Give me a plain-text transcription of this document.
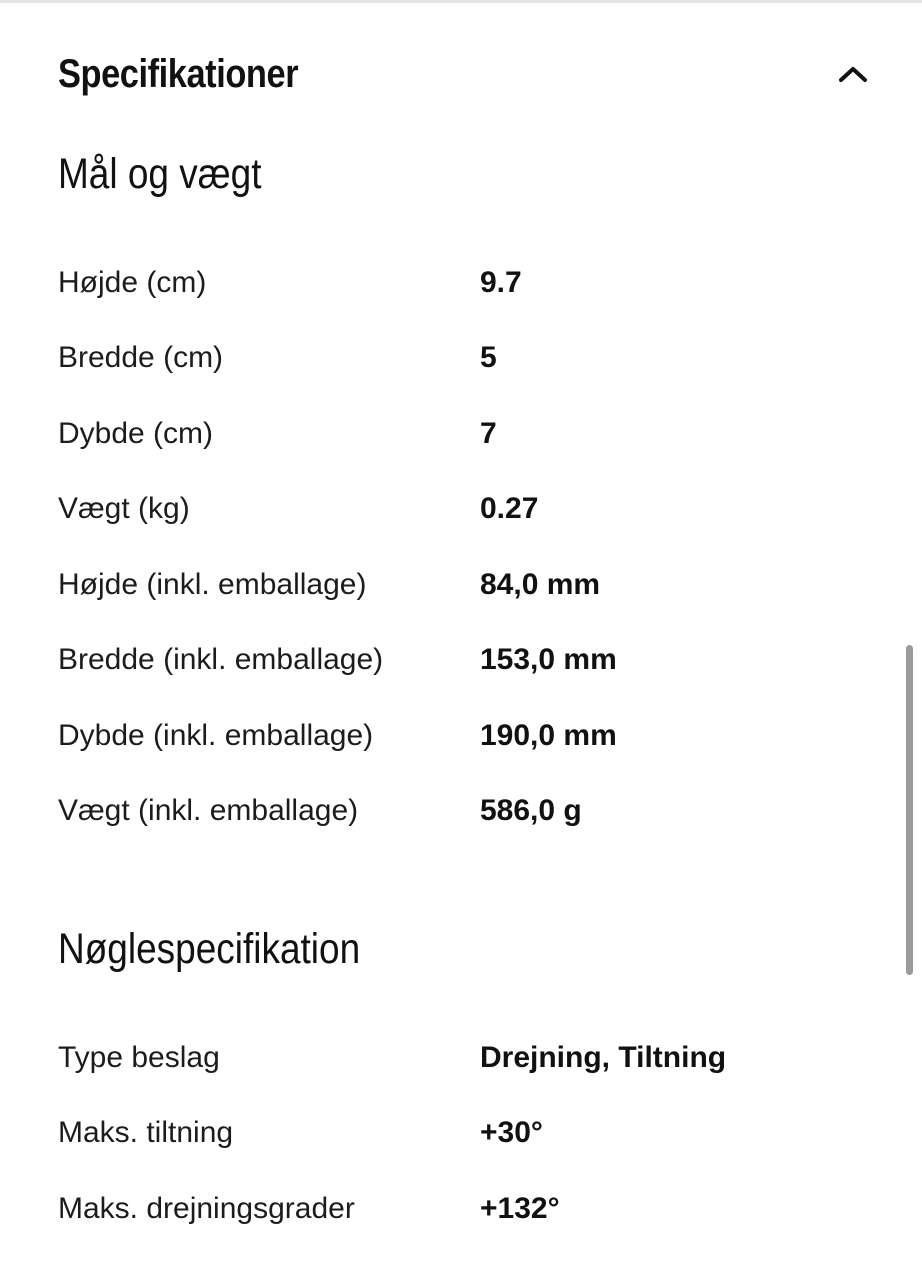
Specifikationer
Mål og vægt
Højde (cm)	9.7
Bredde (cm)	5
Dybde (cm)	7
Vægt (kg)	0.27
Højde (inkl. emballage)	84,0 mm
Bredde (inkl. emballage)	153,0 mm
Dybde (inkl. emballage)	190,0 mm
Vægt (inkl. emballage)	586,0 g
Nøglespecifikation
Type beslag	Drejning, Tiltning
Maks. tiltning	+30°
Maks. drejningsgrader	+132°
